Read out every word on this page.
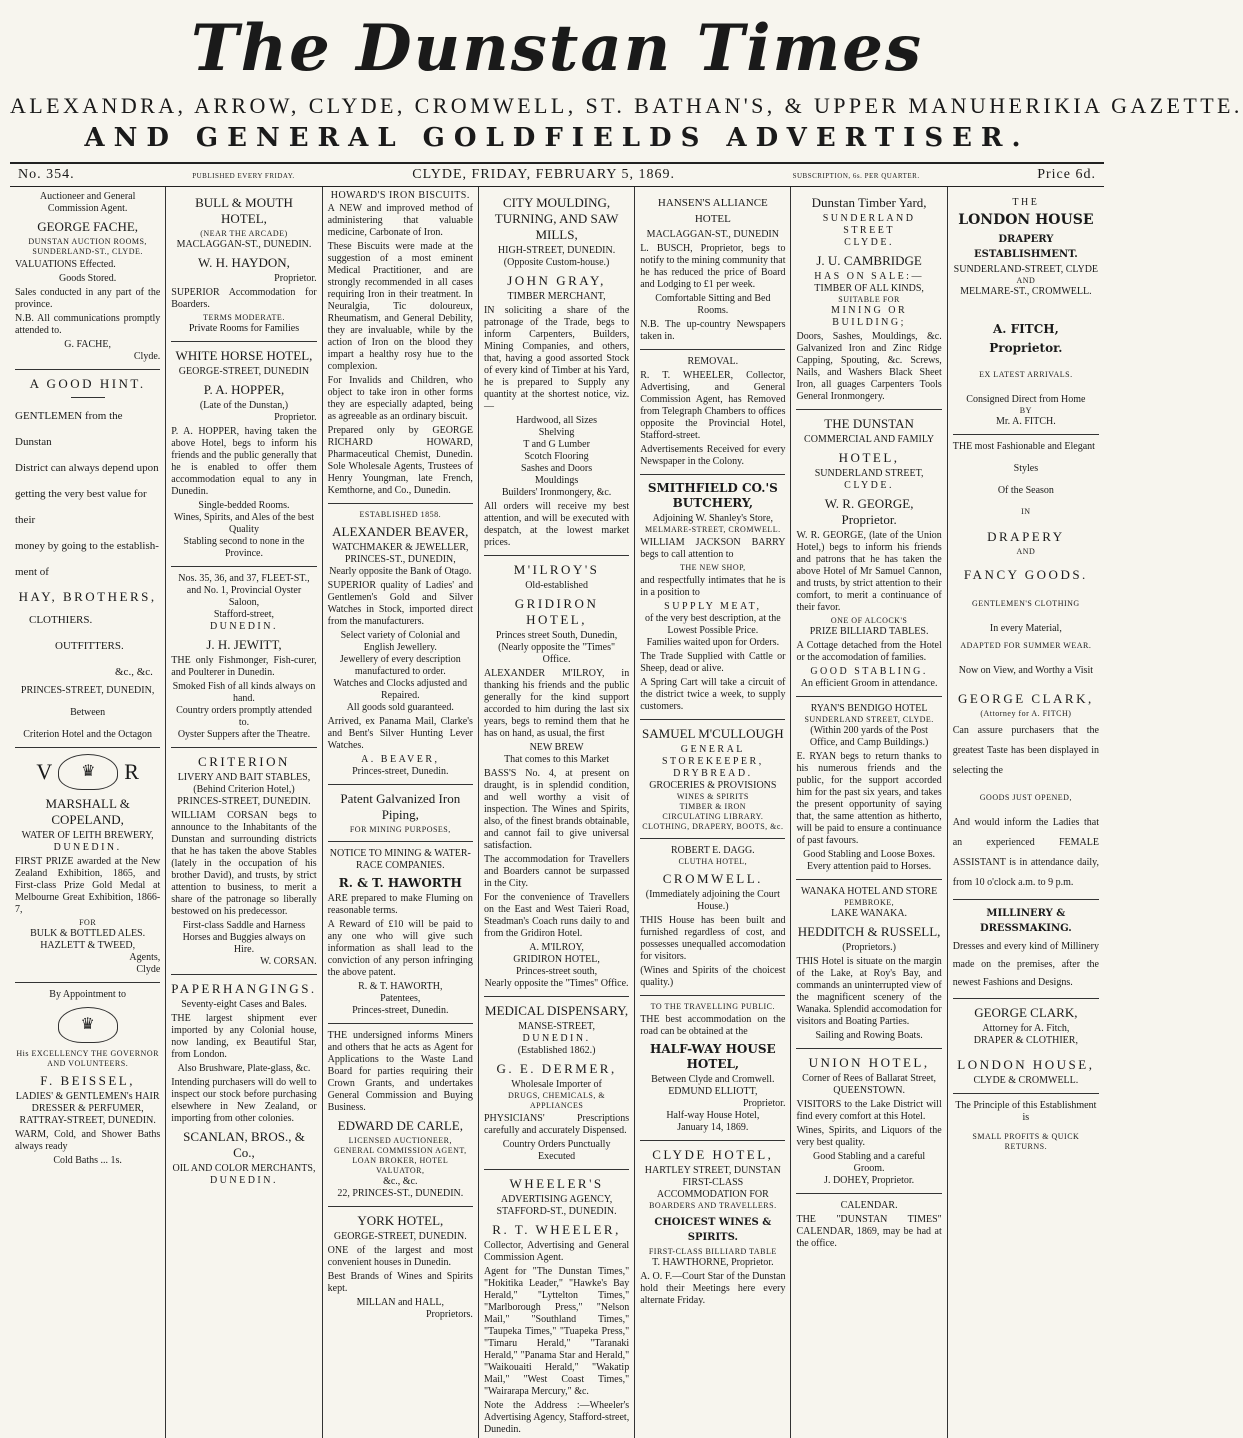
The Dunstan Times
ALEXANDRA, ARROW, CLYDE, CROMWELL, ST. BATHAN'S, & UPPER MANUHERIKIA GAZETTE.
AND GENERAL GOLDFIELDS ADVERTISER.
No. 354.	PUBLISHED EVERY FRIDAY.	CLYDE, FRIDAY, FEBRUARY 5, 1869.	SUBSCRIPTION, 6s. PER QUARTER.	Price 6d.
Auctioneer and General Commission Agent.
GEORGE FACHE,
DUNSTAN AUCTION ROOMS,
SUNDERLAND-ST., CLYDE.
VALUATIONS Effected.
Goods Stored.
Sales conducted in any part of the province.
N.B. All communications promptly attended to.
G. FACHE,
Clyde.
A GOOD HINT.
GENTLEMEN from the Dunstan
District can always depend upon
getting the very best value for their
money by going to the establish-
ment of
HAY, BROTHERS,
CLOTHIERS.
OUTFITTERS.
&c., &c.
PRINCES-STREET, DUNEDIN,
Between
Criterion Hotel and the Octagon
V	♛	R
MARSHALL & COPELAND,
WATER OF LEITH BREWERY,
DUNEDIN.
FIRST PRIZE awarded at the New Zealand Exhibition, 1865, and First-class Prize Gold Medal at Melbourne Great Exhibition, 1866-7,
FOR
BULK & BOTTLED ALES.
HAZLETT & TWEED,
Agents,
Clyde
By Appointment to
♛
His EXCELLENCY THE GOVERNOR AND VOLUNTEERS.
F. BEISSEL,
LADIES' & GENTLEMEN's HAIR
DRESSER & PERFUMER,
RATTRAY-STREET, DUNEDIN.
WARM, Cold, and Shower Baths always ready
Cold Baths ... 1s.
BULL & MOUTH HOTEL,
(NEAR THE ARCADE)
MACLAGGAN-ST., DUNEDIN.
W. H. HAYDON,
Proprietor.
SUPERIOR Accommodation for Boarders.
TERMS MODERATE.
Private Rooms for Families
WHITE HORSE HOTEL,
GEORGE-STREET, DUNEDIN
P. A. HOPPER,
(Late of the Dunstan,)
Proprietor.
P. A. HOPPER, having taken the above Hotel, begs to inform his friends and the public generally that he is enabled to offer them accommodation equal to any in Dunedin.
Single-bedded Rooms.
Wines, Spirits, and Ales of the best Quality
Stabling second to none in the Province.
Nos. 35, 36, and 37, FLEET-ST.,
and No. 1, Provincial Oyster Saloon,
Stafford-street,
DUNEDIN.
J. H. JEWITT,
THE only Fishmonger, Fish-curer, and Poulterer in Dunedin.
Smoked Fish of all kinds always on hand.
Country orders promptly attended to.
Oyster Suppers after the Theatre.
CRITERION
LIVERY AND BAIT STABLES,
(Behind Criterion Hotel,)
PRINCES-STREET, DUNEDIN.
WILLIAM CORSAN begs to announce to the Inhabitants of the Dunstan and surrounding districts that he has taken the above Stables (lately in the occupation of his brother David), and trusts, by strict attention to business, to merit a share of the patronage so liberally bestowed on his predecessor.
First-class Saddle and Harness Horses and Buggies always on Hire.
W. CORSAN.
PAPERHANGINGS.
Seventy-eight Cases and Bales.
THE largest shipment ever imported by any Colonial house, now landing, ex Beautiful Star, from London.
Also Brushware, Plate-glass, &c.
Intending purchasers will do well to inspect our stock before purchasing elsewhere in New Zealand, or importing from other colonies.
SCANLAN, BROS., & Co.,
OIL AND COLOR MERCHANTS,
DUNEDIN.
HOWARD'S IRON BISCUITS.
A NEW and improved method of administering that valuable medicine, Carbonate of Iron.
These Biscuits were made at the suggestion of a most eminent Medical Practitioner, and are strongly recommended in all cases requiring Iron in their treatment. In Neuralgia, Tic doloureux, Rheumatism, and General Debility, they are invaluable, while by the action of Iron on the blood they impart a healthy rosy hue to the complexion.
For Invalids and Children, who object to take iron in other forms they are especially adapted, being as agreeable as an ordinary biscuit.
Prepared only by GEORGE RICHARD HOWARD, Pharmaceutical Chemist, Dunedin. Sole Wholesale Agents, Trustees of Henry Youngman, late French, Kemthorne, and Co., Dunedin.
ESTABLISHED 1858.
ALEXANDER BEAVER,
WATCHMAKER & JEWELLER,
PRINCES-ST., DUNEDIN,
Nearly opposite the Bank of Otago.
SUPERIOR quality of Ladies' and Gentlemen's Gold and Silver Watches in Stock, imported direct from the manufacturers.
Select variety of Colonial and English Jewellery.
Jewellery of every description manufactured to order.
Watches and Clocks adjusted and Repaired.
All goods sold guaranteed.
Arrived, ex Panama Mail, Clarke's and Bent's Silver Hunting Lever Watches.
A. BEAVER,
Princes-street, Dunedin.
Patent Galvanized Iron Piping,
FOR MINING PURPOSES,
NOTICE TO MINING & WATER-RACE COMPANIES.
R. & T. HAWORTH
ARE prepared to make Fluming on reasonable terms.
A Reward of £10 will be paid to any one who will give such information as shall lead to the conviction of any person infringing the above patent.
R. & T. HAWORTH,
Patentees,
Princes-street, Dunedin.
THE undersigned informs Miners and others that he acts as Agent for Applications to the Waste Land Board for parties requiring their Crown Grants, and undertakes General Commission and Buying Business.
EDWARD DE CARLE,
LICENSED AUCTIONEER,
GENERAL COMMISSION AGENT,
LOAN BROKER, HOTEL VALUATOR,
&c., &c.
22, PRINCES-ST., DUNEDIN.
YORK HOTEL,
GEORGE-STREET, DUNEDIN.
ONE of the largest and most convenient houses in Dunedin.
Best Brands of Wines and Spirits kept.
MILLAN and HALL,
Proprietors.
CITY MOULDING, TURNING, AND SAW MILLS,
HIGH-STREET, DUNEDIN.
(Opposite Custom-house.)
JOHN GRAY,
TIMBER MERCHANT,
IN soliciting a share of the patronage of the Trade, begs to inform Carpenters, Builders, Mining Companies, and others, that, having a good assorted Stock of every kind of Timber at his Yard, he is prepared to Supply any quantity at the shortest notice, viz. —
Hardwood, all Sizes
Shelving
T and G Lumber
Scotch Flooring
Sashes and Doors
Mouldings
Builders' Ironmongery, &c.
All orders will receive my best attention, and will be executed with despatch, at the lowest market prices.
M'ILROY'S
Old-established
GRIDIRON HOTEL,
Princes street South, Dunedin,
(Nearly opposite the "Times" Office.
ALEXANDER M'ILROY, in thanking his friends and the public generally for the kind support accorded to him during the last six years, begs to remind them that he has on hand, as usual, the first
NEW BREW
That comes to this Market
BASS'S No. 4, at present on draught, is in splendid condition, and well worthy a visit of inspection. The Wines and Spirits, also, of the finest brands obtainable, and cannot fail to give universal satisfaction.
The accommodation for Travellers and Boarders cannot be surpassed in the City.
For the convenience of Travellers on the East and West Taieri Road, Steadman's Coach runs daily to and from the Gridiron Hotel.
A. M'ILROY,
GRIDIRON HOTEL,
Princes-street south,
Nearly opposite the "Times" Office.
MEDICAL DISPENSARY,
MANSE-STREET,
DUNEDIN.
(Established 1862.)
G. E. DERMER,
Wholesale Importer of
DRUGS, CHEMICALS, & APPLIANCES
PHYSICIANS' Prescriptions carefully and accurately Dispensed.
Country Orders Punctually Executed
WHEELER'S
ADVERTISING AGENCY,
STAFFORD-ST., DUNEDIN.
R. T. WHEELER,
Collector, Advertising and General Commission Agent.
Agent for "The Dunstan Times," "Hokitika Leader," "Hawke's Bay Herald," "Lyttelton Times," "Marlborough Press," "Nelson Mail," "Southland Times," "Taupeka Times," "Tuapeka Press," "Timaru Herald," "Taranaki Herald," "Panama Star and Herald," "Waikouaiti Herald," "Wakatip Mail," "West Coast Times," "Wairarapa Mercury," &c.
Note the Address :—Wheeler's Advertising Agency, Stafford-street, Dunedin.
HANSEN'S ALLIANCE HOTEL
MACLAGGAN-ST., DUNEDIN
L. BUSCH, Proprietor, begs to notify to the mining community that he has reduced the price of Board and Lodging to £1 per week.
Comfortable Sitting and Bed Rooms.
N.B. The up-country Newspapers taken in.
REMOVAL.
R. T. WHEELER, Collector, Advertising, and General Commission Agent, has Removed from Telegraph Chambers to offices opposite the Provincial Hotel, Stafford-street.
Advertisements Received for every Newspaper in the Colony.
SMITHFIELD CO.'S BUTCHERY,
Adjoining W. Shanley's Store,
MELMARE-STREET, CROMWELL.
WILLIAM JACKSON BARRY begs to call attention to
THE NEW SHOP,
and respectfully intimates that he is in a position to
SUPPLY MEAT,
of the very best description, at the Lowest Possible Price.
Families waited upon for Orders.
The Trade Supplied with Cattle or Sheep, dead or alive.
A Spring Cart will take a circuit of the district twice a week, to supply customers.
SAMUEL M'CULLOUGH
GENERAL STOREKEEPER,
DRYBREAD.
GROCERIES & PROVISIONS
WINES & SPIRITS
TIMBER & IRON
CIRCULATING LIBRARY.
CLOTHING, DRAPERY, BOOTS, &c.
ROBERT E. DAGG.
CLUTHA HOTEL,
CROMWELL.
(Immediately adjoining the Court House.)
THIS House has been built and furnished regardless of cost, and possesses unequalled accomodation for visitors.
(Wines and Spirits of the choicest quality.)
TO THE TRAVELLING PUBLIC.
THE best accommodation on the road can be obtained at the
HALF-WAY HOUSE HOTEL,
Between Clyde and Cromwell.
EDMUND ELLIOTT,
Proprietor.
Half-way House Hotel,
January 14, 1869.
CLYDE HOTEL,
HARTLEY STREET, DUNSTAN
FIRST-CLASS ACCOMMODATION FOR
BOARDERS AND TRAVELLERS.
CHOICEST WINES & SPIRITS.
FIRST-CLASS BILLIARD TABLE
T. HAWTHORNE, Proprietor.
A. O. F.—Court Star of the Dunstan hold their Meetings here every alternate Friday.
Dunstan Timber Yard,
SUNDERLAND STREET
CLYDE.
J. U. CAMBRIDGE
HAS ON SALE:—
TIMBER OF ALL KINDS,
SUITABLE FOR
MINING OR BUILDING;
Doors, Sashes, Mouldings, &c. Galvanized Iron and Zinc Ridge Capping, Spouting, &c. Screws, Nails, and Washers Black Sheet Iron, all guages Carpenters Tools General Ironmongery.
THE DUNSTAN
COMMERCIAL AND FAMILY
HOTEL,
SUNDERLAND STREET,
CLYDE.
W. R. GEORGE, Proprietor.
W. R. GEORGE, (late of the Union Hotel,) begs to inform his friends and patrons that he has taken the above Hotel of Mr Samuel Cannon, and trusts, by strict attention to their comfort, to merit a continuance of their favor.
ONE OF ALCOCK'S
PRIZE BILLIARD TABLES.
A Cottage detached from the Hotel or the accomodation of families.
GOOD STABLING.
An efficient Groom in attendance.
RYAN'S BENDIGO HOTEL
SUNDERLAND STREET, CLYDE.
(Within 200 yards of the Post Office, and Camp Buildings.)
E. RYAN begs to return thanks to his numerous friends and the public, for the support accorded him for the past six years, and takes the present opportunity of saying that, the same attention as hitherto, will be paid to ensure a continuance of past favours.
Good Stabling and Loose Boxes.
Every attention paid to Horses.
WANAKA HOTEL AND STORE
PEMBROKE,
LAKE WANAKA.
HEDDITCH & RUSSELL,
(Proprietors.)
THIS Hotel is situate on the margin of the Lake, at Roy's Bay, and commands an uninterrupted view of the magnificent scenery of the Wanaka. Splendid accomodation for visitors and Boating Parties.
Sailing and Rowing Boats.
UNION HOTEL,
Corner of Rees of Ballarat Street,
QUEENSTOWN.
VISITORS to the Lake District will find every comfort at this Hotel.
Wines, Spirits, and Liquors of the very best quality.
Good Stabling and a careful Groom.
J. DOHEY, Proprietor.
CALENDAR.
THE "DUNSTAN TIMES" CALENDAR, 1869, may be had at the office.
THE
LONDON HOUSE
DRAPERY ESTABLISHMENT.
SUNDERLAND-STREET, CLYDE
AND
MELMARE-ST., CROMWELL.
A. FITCH,
Proprietor.
EX LATEST ARRIVALS.
Consigned Direct from Home
BY
Mr. A. FITCH.
THE most Fashionable and Elegant
Styles
Of the Season
IN
DRAPERY
AND
FANCY GOODS.
GENTLEMEN'S CLOTHING
In every Material,
ADAPTED FOR SUMMER WEAR.
Now on View, and Worthy a Visit
GEORGE CLARK,
(Attorney for A. FITCH)
Can assure purchasers that the greatest Taste has been displayed in selecting the
GOODS JUST OPENED,
And would inform the Ladies that an experienced FEMALE ASSISTANT is in attendance daily, from 10 o'clock a.m. to 9 p.m.
MILLINERY & DRESSMAKING.
Dresses and every kind of Millinery made on the premises, after the newest Fashions and Designs.
GEORGE CLARK,
Attorney for A. Fitch,
DRAPER & CLOTHIER,
LONDON HOUSE,
CLYDE & CROMWELL.
The Principle of this Establishment is
SMALL PROFITS & QUICK RETURNS.
